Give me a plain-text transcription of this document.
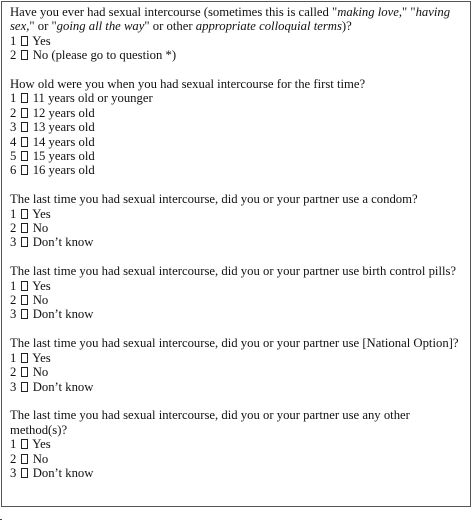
Have you ever had sexual intercourse (sometimes this is called "making love," "having sex," or "going all the way" or other appropriate colloquial terms)?

1 Yes
2 No (please go to question *)

How old were you when you had sexual intercourse for the first time?

1 11 years old or younger
2 12 years old
3 13 years old
4 14 years old
5 15 years old
6 16 years old

The last time you had sexual intercourse, did you or your partner use a condom?

1 Yes
2 No
3 Don’t know

The last time you had sexual intercourse, did you or your partner use birth control pills?

1 Yes
2 No
3 Don’t know

The last time you had sexual intercourse, did you or your partner use [National Option]?

1 Yes
2 No
3 Don’t know

The last time you had sexual intercourse, did you or your partner use any other method(s)?

1 Yes
2 No
3 Don’t know
